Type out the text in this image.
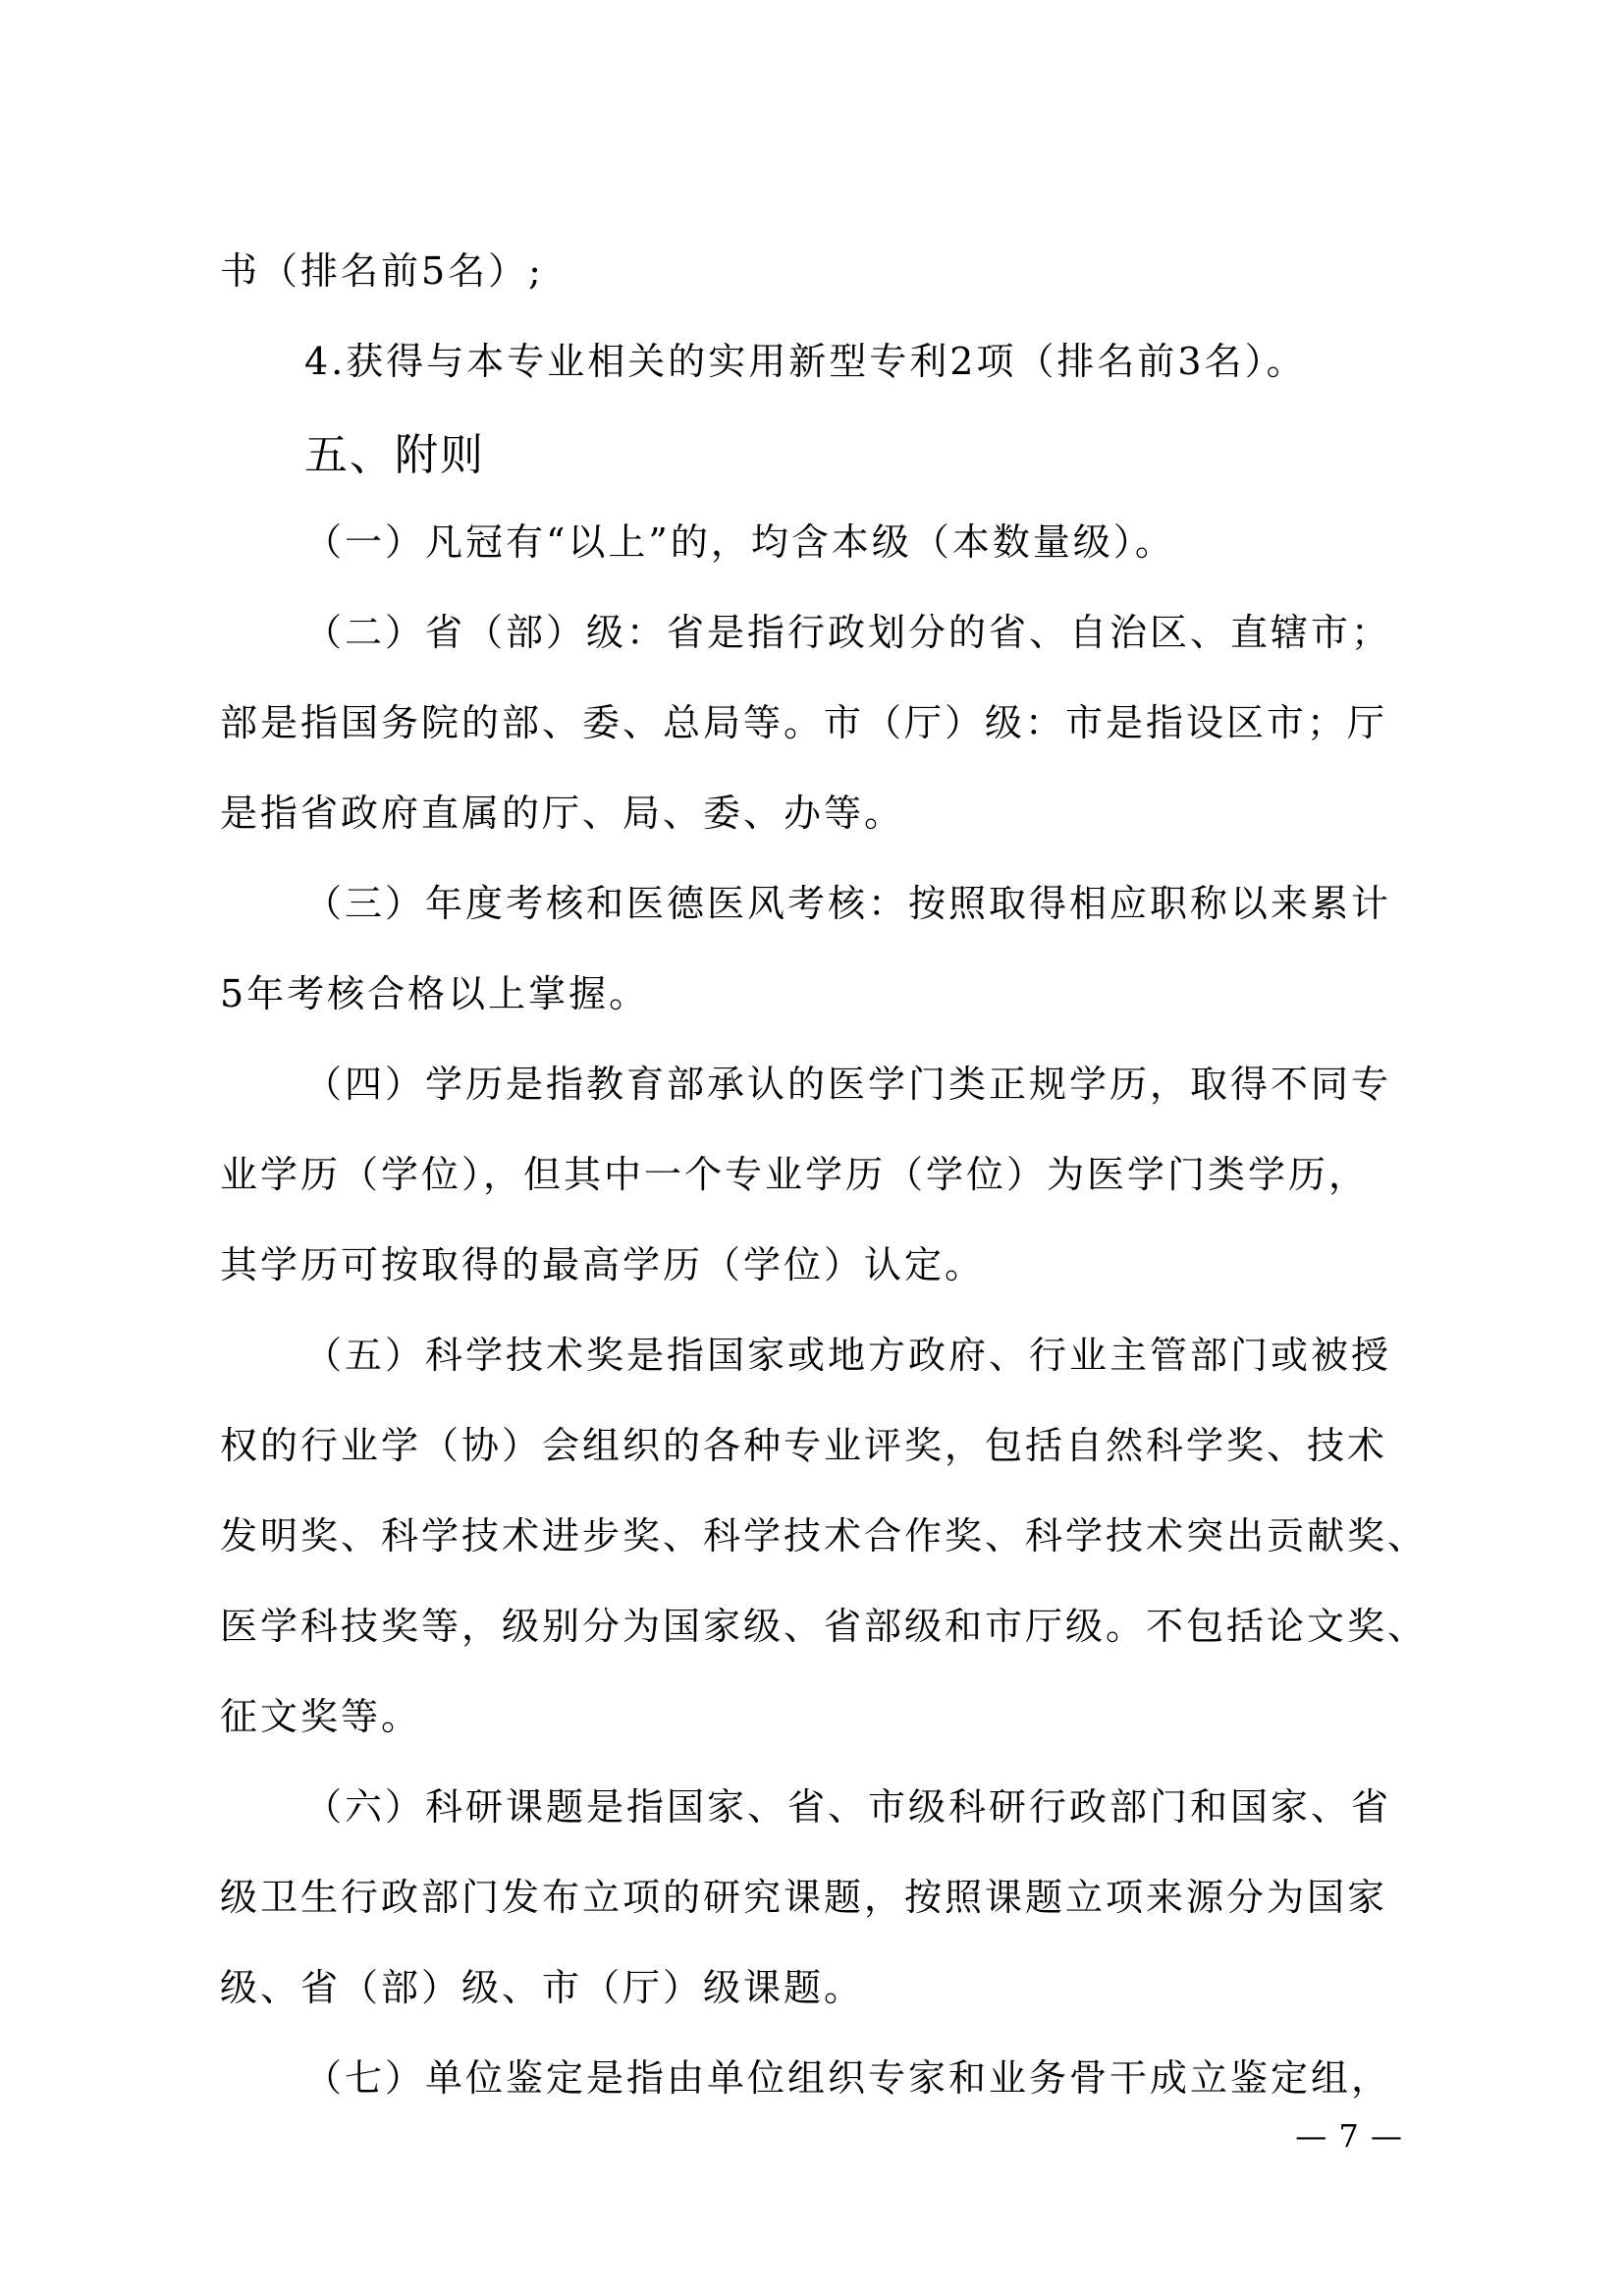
书（排名前5名）;
4.获得与本专业相关的实用新型专利2项（排名前3名）。
五、附则
（一）凡冠有“以上”的，均含本级（本数量级）。
（二）省（部）级：省是指行政划分的省、自治区、直辖市；
部是指国务院的部、委、总局等。市（厅）级：市是指设区市；厅
是指省政府直属的厅、局、委、办等。
（三）年度考核和医德医风考核：按照取得相应职称以来累计
5年考核合格以上掌握。
（四）学历是指教育部承认的医学门类正规学历，取得不同专
业学历（学位），但其中一个专业学历（学位）为医学门类学历，
其学历可按取得的最高学历（学位）认定。
（五）科学技术奖是指国家或地方政府、行业主管部门或被授
权的行业学（协）会组织的各种专业评奖，包括自然科学奖、技术
发明奖、科学技术进步奖、科学技术合作奖、科学技术突出贡献奖、
医学科技奖等，级别分为国家级、省部级和市厅级。不包括论文奖、
征文奖等。
（六）科研课题是指国家、省、市级科研行政部门和国家、省
级卫生行政部门发布立项的研究课题，按照课题立项来源分为国家
级、省（部）级、市（厅）级课题。
（七）单位鉴定是指由单位组织专家和业务骨干成立鉴定组，
— 7 —
